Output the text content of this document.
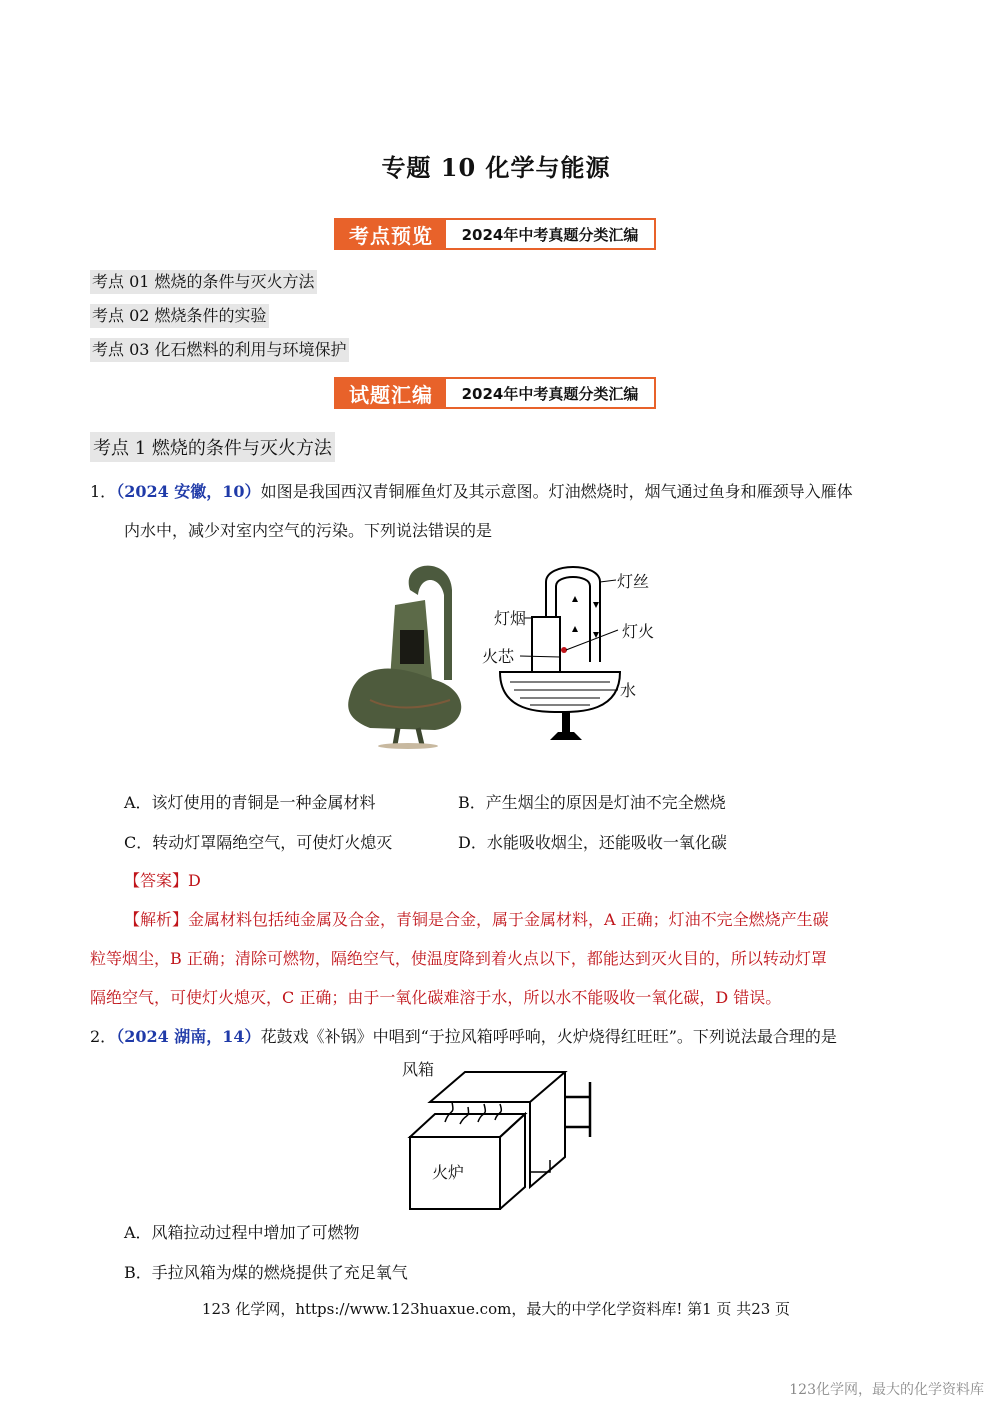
专题 10 化学与能源
考点预览	2024年中考真题分类汇编
考点 01 燃烧的条件与灭火方法
考点 02 燃烧条件的实验
考点 03 化石燃料的利用与环境保护
试题汇编	2024年中考真题分类汇编
考点 1 燃烧的条件与灭火方法
1．（2024 安徽，10）如图是我国西汉青铜雁鱼灯及其示意图。灯油燃烧时，烟气通过鱼身和雁颈导入雁体
内水中，减少对室内空气的污染。下列说法错误的是
灯丝
灯烟
灯火
火芯
水
A．该灯使用的青铜是一种金属材料	B．产生烟尘的原因是灯油不完全燃烧
C．转动灯罩隔绝空气，可使灯火熄灭	D．水能吸收烟尘，还能吸收一氧化碳
【答案】D
【解析】金属材料包括纯金属及合金，青铜是合金，属于金属材料，A 正确；灯油不完全燃烧产生碳
粒等烟尘，B 正确；清除可燃物，隔绝空气，使温度降到着火点以下，都能达到灭火目的，所以转动灯罩
隔绝空气，可使灯火熄灭，C 正确；由于一氧化碳难溶于水，所以水不能吸收一氧化碳，D 错误。
2．（2024 湖南，14）花鼓戏《补锅》中唱到“于拉风箱呼呼响，火炉烧得红旺旺”。下列说法最合理的是
风箱
火炉
A．风箱拉动过程中增加了可燃物
B．手拉风箱为煤的燃烧提供了充足氧气
123 化学网，https://www.123huaxue.com，最大的中学化学资料库! 第1 页 共23 页
123化学网，最大的化学资料库
